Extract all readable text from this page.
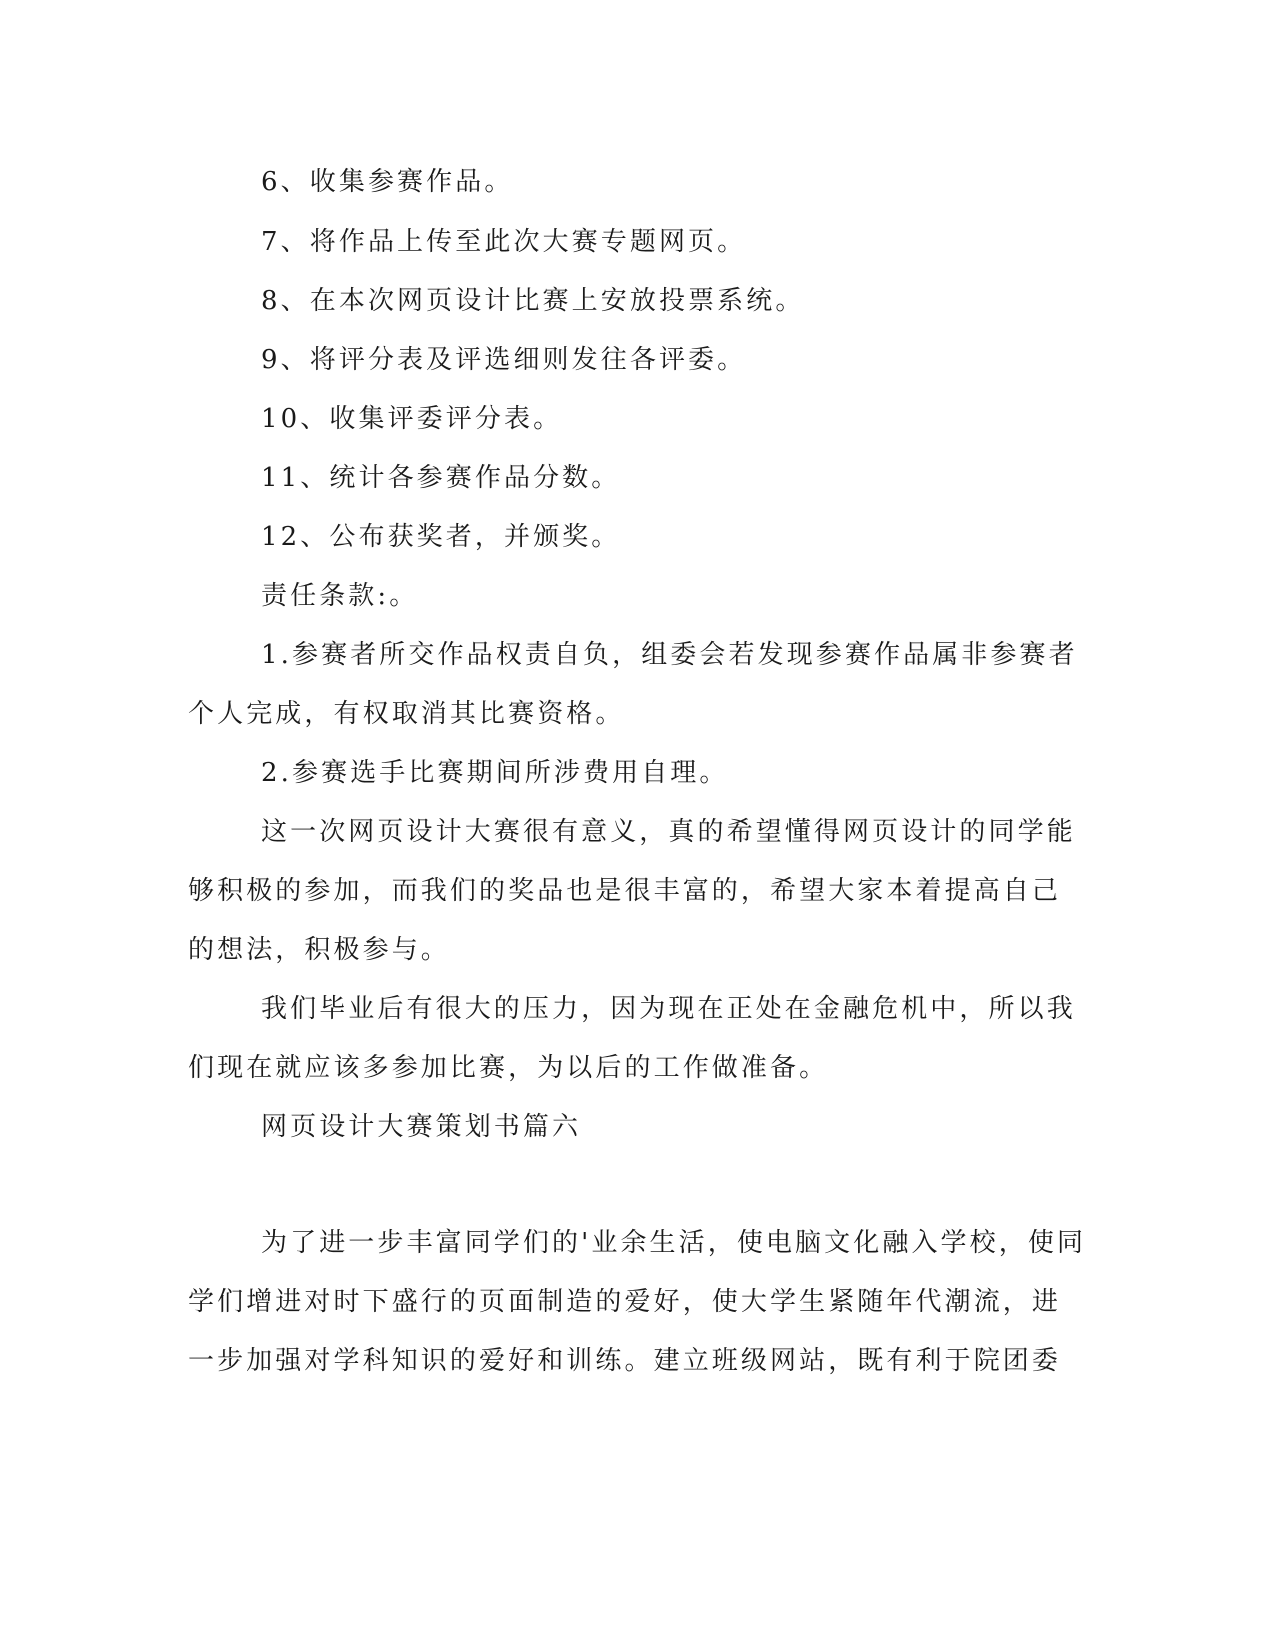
6、收集参赛作品。
7、将作品上传至此次大赛专题网页。
8、在本次网页设计比赛上安放投票系统。
9、将评分表及评选细则发往各评委。
10、收集评委评分表。
11、统计各参赛作品分数。
12、公布获奖者，并颁奖。
责任条款:。
1.参赛者所交作品权责自负，组委会若发现参赛作品属非参赛者
个人完成，有权取消其比赛资格。
2.参赛选手比赛期间所涉费用自理。
这一次网页设计大赛很有意义，真的希望懂得网页设计的同学能
够积极的参加，而我们的奖品也是很丰富的，希望大家本着提高自己
的想法，积极参与。
我们毕业后有很大的压力，因为现在正处在金融危机中，所以我
们现在就应该多参加比赛，为以后的工作做准备。
网页设计大赛策划书篇六
为了进一步丰富同学们的'业余生活，使电脑文化融入学校，使同
学们增进对时下盛行的页面制造的爱好，使大学生紧随年代潮流，进
一步加强对学科知识的爱好和训练。建立班级网站，既有利于院团委
